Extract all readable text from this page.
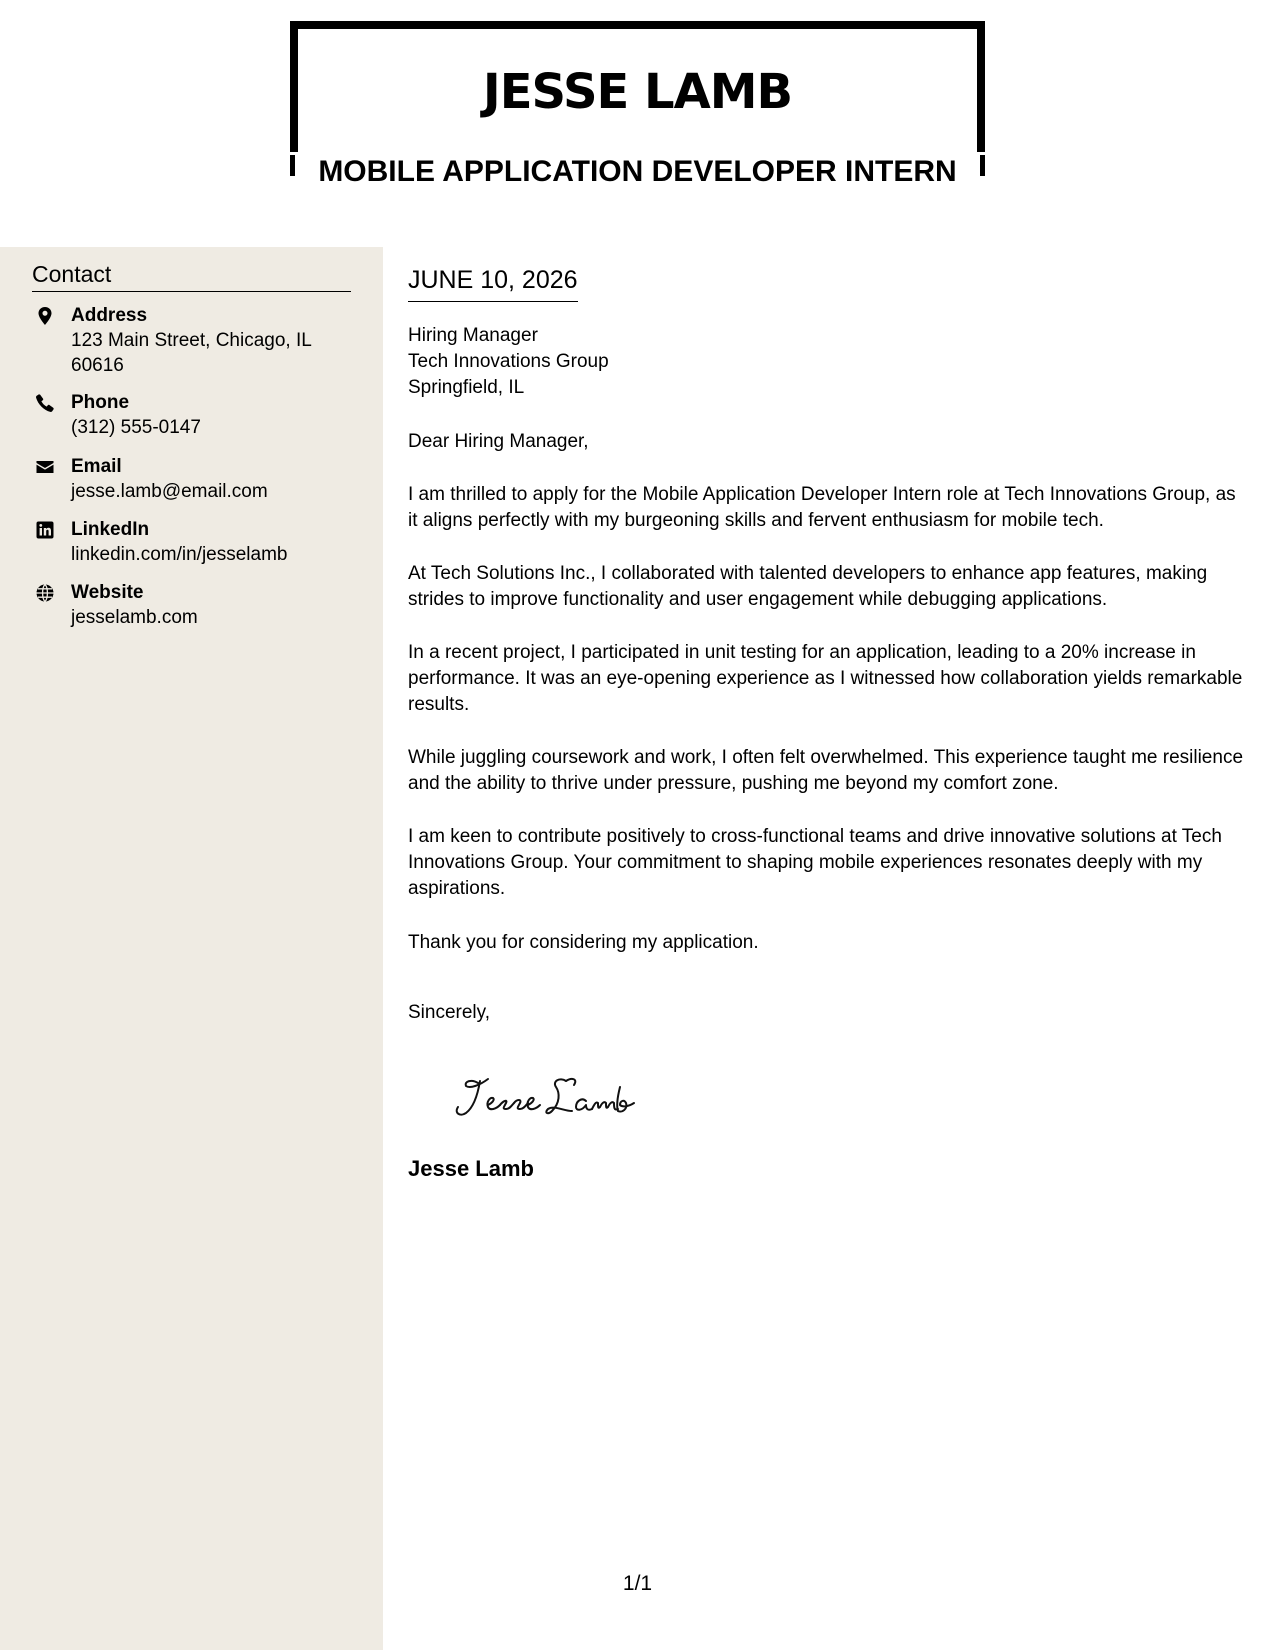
JESSE LAMB
MOBILE APPLICATION DEVELOPER INTERN
Contact
Address
123 Main Street, Chicago, IL 60616
Phone
(312) 555-0147
Email
jesse.lamb@email.com
LinkedIn
linkedin.com/in/jesselamb
Website
jesselamb.com
JUNE 10, 2026
Hiring Manager
Tech Innovations Group
Springfield, IL

Dear Hiring Manager,

I am thrilled to apply for the Mobile Application Developer Intern role at Tech Innovations Group, as it aligns perfectly with my burgeoning skills and fervent enthusiasm for mobile tech.

At Tech Solutions Inc., I collaborated with talented developers to enhance app features, making strides to improve functionality and user engagement while debugging applications.

In a recent project, I participated in unit testing for an application, leading to a 20% increase in performance. It was an eye-opening experience as I witnessed how collaboration yields remarkable results.

While juggling coursework and work, I often felt overwhelmed. This experience taught me resilience and the ability to thrive under pressure, pushing me beyond my comfort zone.

I am keen to contribute positively to cross-functional teams and drive innovative solutions at Tech Innovations Group. Your commitment to shaping mobile experiences resonates deeply with my aspirations.

Thank you for considering my application.

Sincerely,

Jesse Lamb
1/1
